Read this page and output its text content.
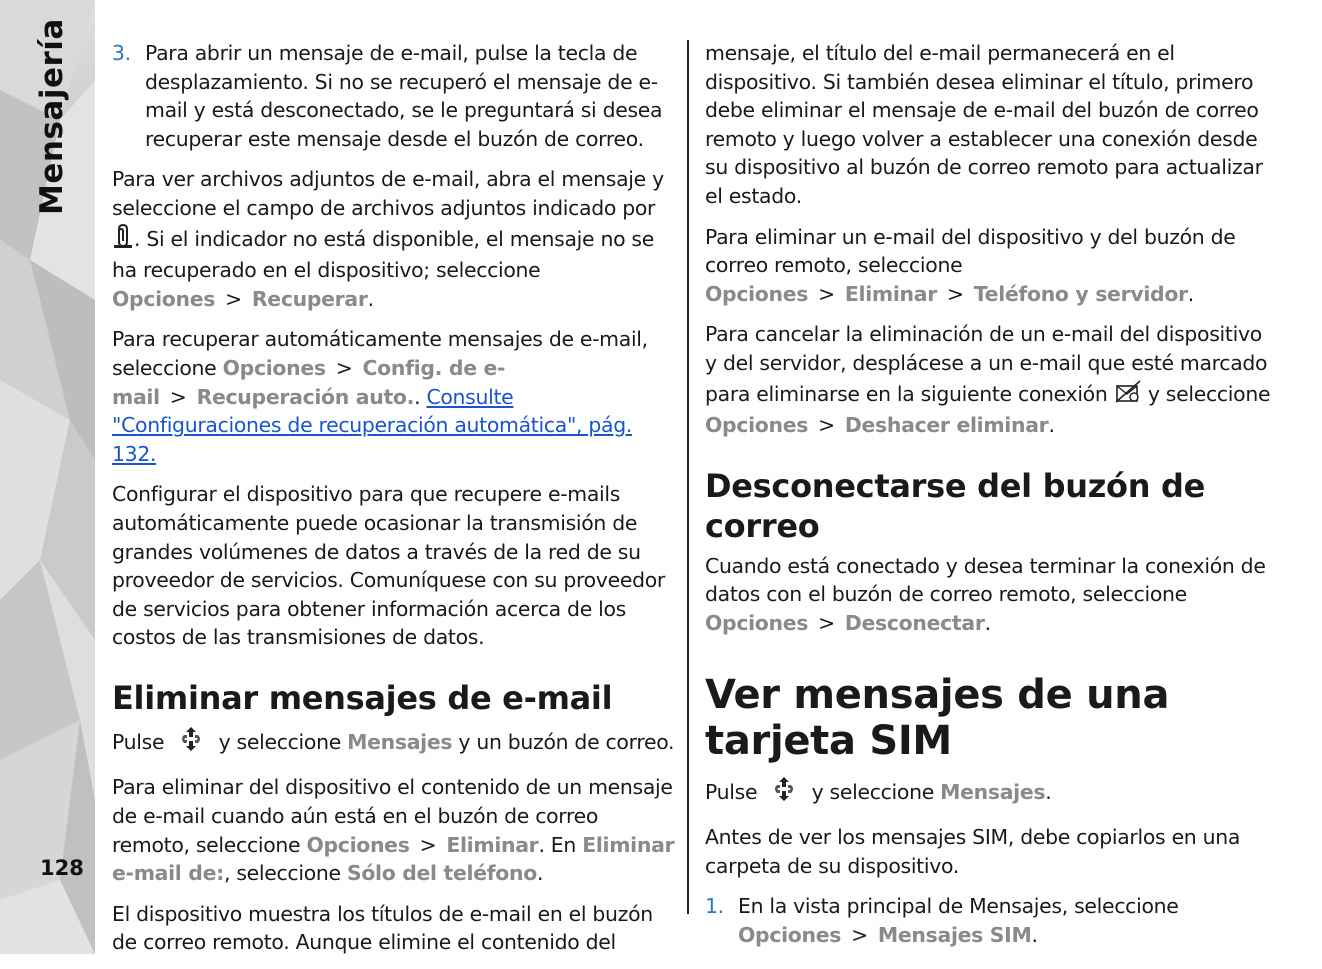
Mensajería
128
3. Para abrir un mensaje de e-mail, pulse la tecla de desplazamiento. Si no se recuperó el mensaje de e-mail y está desconectado, se le preguntará si desea recuperar este mensaje desde el buzón de correo.

Para ver archivos adjuntos de e-mail, abra el mensaje y seleccione el campo de archivos adjuntos indicado por . Si el indicador no está disponible, el mensaje no se ha recuperado en el dispositivo; seleccione Opciones > Recuperar.

Para recuperar automáticamente mensajes de e-mail, seleccione Opciones > Config. de e-mail > Recuperación auto.. Consulte "Configuraciones de recuperación automática", pág. 132.

Configurar el dispositivo para que recupere e-mails automáticamente puede ocasionar la transmisión de grandes volúmenes de datos a través de la red de su proveedor de servicios. Comuníquese con su proveedor de servicios para obtener información acerca de los costos de las transmisiones de datos.

Eliminar mensajes de e-mail

Pulse	y seleccione Mensajes y un buzón de correo.

Para eliminar del dispositivo el contenido de un mensaje de e-mail cuando aún está en el buzón de correo remoto, seleccione Opciones > Eliminar. En Eliminar e-mail de:, seleccione Sólo del teléfono.

El dispositivo muestra los títulos de e-mail en el buzón de correo remoto. Aunque elimine el contenido del

mensaje, el título del e-mail permanecerá en el dispositivo. Si también desea eliminar el título, primero debe eliminar el mensaje de e-mail del buzón de correo remoto y luego volver a establecer una conexión desde su dispositivo al buzón de correo remoto para actualizar el estado.

Para eliminar un e-mail del dispositivo y del buzón de correo remoto, seleccione Opciones > Eliminar > Teléfono y servidor.

Para cancelar la eliminación de un e-mail del dispositivo y del servidor, desplácese a un e-mail que esté marcado para eliminarse en la siguiente conexión y seleccione Opciones > Deshacer eliminar.

Desconectarse del buzón de correo

Cuando está conectado y desea terminar la conexión de datos con el buzón de correo remoto, seleccione Opciones > Desconectar.

Ver mensajes de una tarjeta SIM

Pulse	y seleccione Mensajes.

Antes de ver los mensajes SIM, debe copiarlos en una carpeta de su dispositivo.

1. En la vista principal de Mensajes, seleccione Opciones > Mensajes SIM.
